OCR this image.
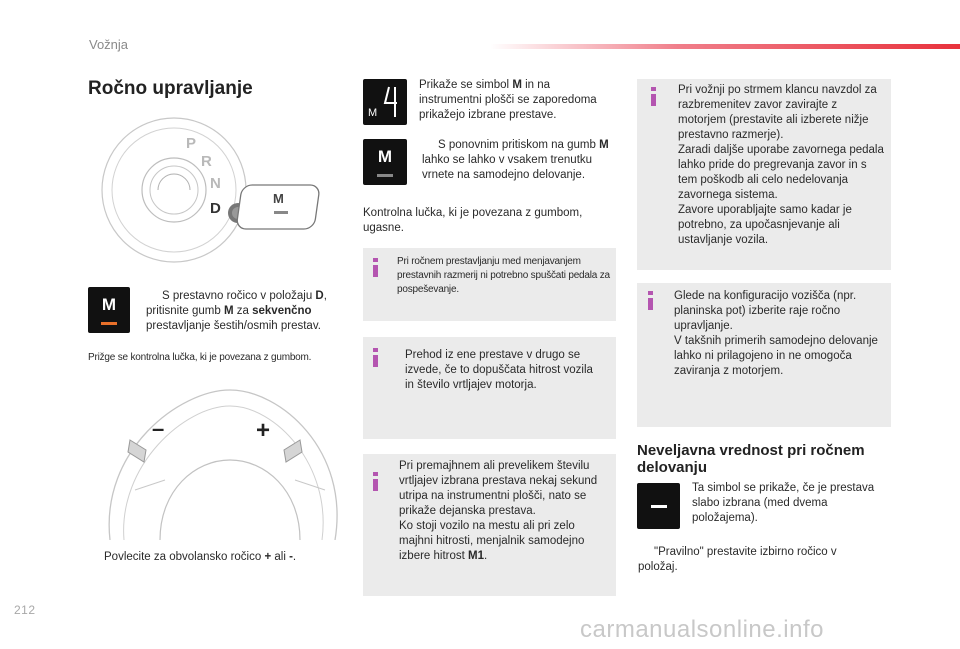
Vožnja
Ročno upravljanje
P
R
N
D
M
M	S prestavno ročico v položaju D, pritisnite gumb M za sekvenčno prestavljanje šestih/osmih prestav.
Prižge se kontrolna lučka, ki je povezana z gumbom.
–	+
Povlecite za obvolansko ročico + ali -.
M
Prikaže se simbol M in na instrumentni plošči se zaporedoma prikažejo izbrane prestave.
M
S ponovnim pritiskom na gumb M lahko se lahko v vsakem trenutku vrnete na samodejno delovanje.
Kontrolna lučka, ki je povezana z gumbom, ugasne.
Pri ročnem prestavljanju med menjavanjem prestavnih razmerij ni potrebno spuščati pedala za pospeševanje.
Prehod iz ene prestave v drugo se izvede, če to dopuščata hitrost vozila in število vrtljajev motorja.
Pri premajhnem ali prevelikem številu vrtljajev izbrana prestava nekaj sekund utripa na instrumentni plošči, nato se prikaže dejanska prestava.
Ko stoji vozilo na mestu ali pri zelo majhni hitrosti, menjalnik samodejno izbere hitrost M1.
Pri vožnji po strmem klancu navzdol za razbremenitev zavor zavirajte z motorjem (prestavite ali izberete nižje prestavno razmerje).
Zaradi daljše uporabe zavornega pedala lahko pride do pregrevanja zavor in s tem poškodb ali celo nedelovanja zavornega sistema.
Zavore uporabljajte samo kadar je potrebno, za upočasnjevanje ali ustavljanje vozila.
Glede na konfiguracijo vozišča (npr. planinska pot) izberite raje ročno upravljanje.
V takšnih primerih samodejno delovanje lahko ni prilagojeno in ne omogoča zaviranja z motorjem.
Neveljavna vrednost pri ročnem delovanju
Ta simbol se prikaže, če je prestava slabo izbrana (med dvema položajema).
"Pravilno" prestavite izbirno ročico v položaj.
212
carmanualsonline.info
